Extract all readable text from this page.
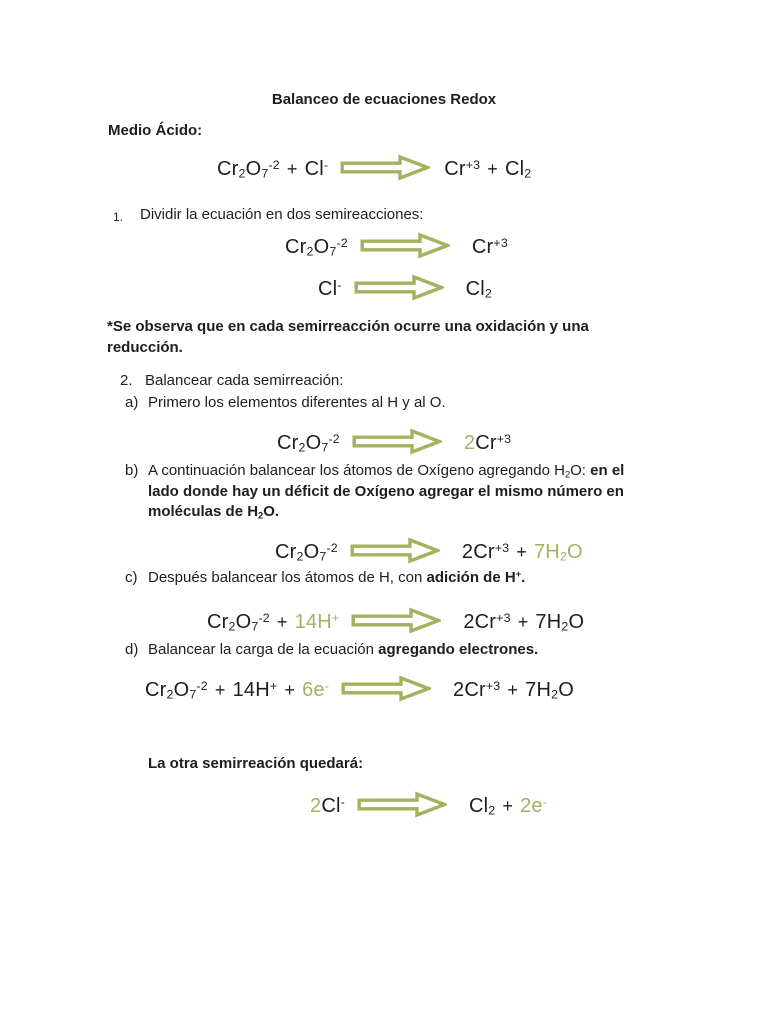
Balanceo de ecuaciones Redox
Medio Ácido:
$Cr_2O_7^{-2} + Cl^-$	$Cr^{+3} + Cl_2$
1. Dividir la ecuación en dos semireacciones:
$Cr_2O_7^{-2}$	$Cr^{+3}$
Cl-	$Cl_2$
*Se observa que en cada semirreacción ocurre una oxidación y una
reducción.
2. Balancear cada semirreación:
a) Primero los elementos diferentes al H y al O.
$Cr_2O_7^{-2}$	$2Cr^{+3}$
b) A continuación balancear los átomos de Oxígeno agregando $H_2O$: en el
lado donde hay un déficit de Oxígeno agregar el mismo número en
moléculas de $H_2O$.
$Cr_2O_7^{-2}$	$2Cr^{+3} + 7H_2O$
c) Después balancear los átomos de H, con adición de H+.
$Cr_2O_7^{-2} + 14H^+$	$2Cr^{+3} + 7H_2O$
d) Balancear la carga de la ecuación agregando electrones.
$Cr_2O_7^{-2} + 14H^+ + 6e^-$	$2Cr^{+3} + 7H_2O$
La otra semirreación quedará:
2Cl-	$Cl_2 + 2e^-$
